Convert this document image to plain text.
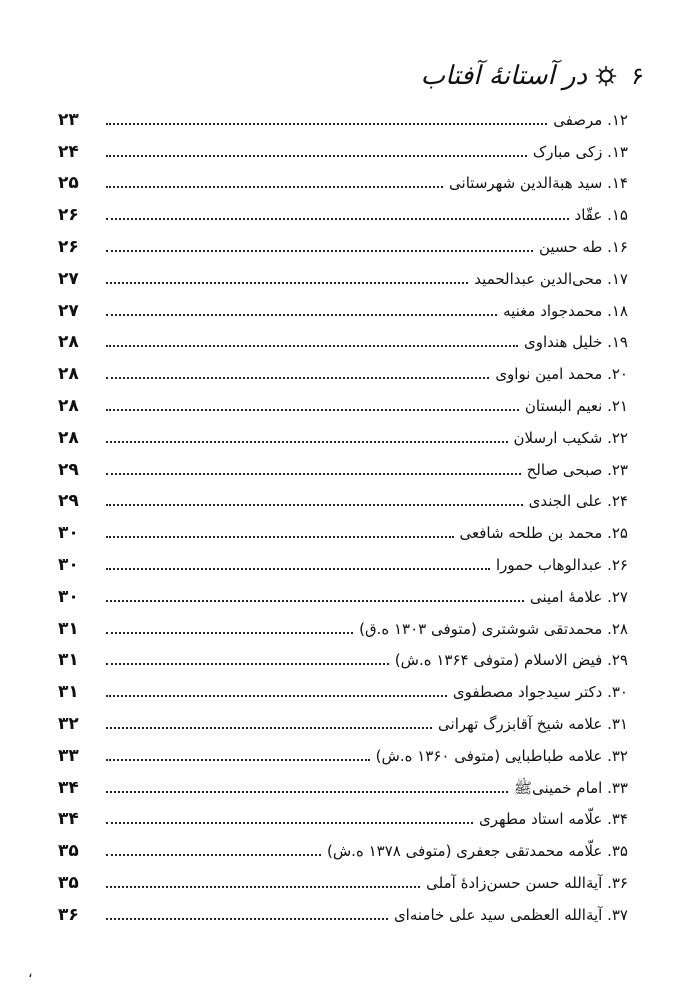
۶
در آستانهٔ آفتاب
۲۳	۱۲. مرصفی
۲۴	۱۳. زکی مبارک
۲۵	۱۴. سید هبةالدین شهرستانی
۲۶	۱۵. عقّاد
۲۶	۱۶. طه حسین
۲۷	۱۷. محی‌الدین عبدالحمید
۲۷	۱۸. محمدجواد مغنیه
۲۸	۱۹. خلیل هنداوی
۲۸	۲۰. محمد امین نواوی
۲۸	۲۱. نعیم البستان
۲۸	۲۲. شکیب ارسلان
۲۹	۲۳. صبحی صالح
۲۹	۲۴. علی الجندی
۳۰	۲۵. محمد بن طلحه شافعی
۳۰	۲۶. عبدالوهاب حمورا
۳۰	۲۷. علامهٔ امینی
۳۱	۲۸. محمدتقی شوشتری (متوفی ۱۳۰۳ ه.ق)
۳۱	۲۹. فیض الاسلام (متوفی ۱۳۶۴ ه.ش)
۳۱	۳۰. دکتر سیدجواد مصطفوی
۳۲	۳۱. علامه شیخ آقابزرگ تهرانی
۳۳	۳۲. علامه طباطبایی (متوفی ۱۳۶۰ ه.ش)
۳۴	۳۳. امام خمینیﷺ
۳۴	۳۴. علّامه استاد مطهری
۳۵	۳۵. علّامه محمدتقی جعفری (متوفی ۱۳۷۸ ه.ش)
۳۵	۳۶. آیةالله حسن حسن‌زادهٔ آملی
۳۶	۳۷. آیةالله العظمی سید علی خامنه‌ای
،
